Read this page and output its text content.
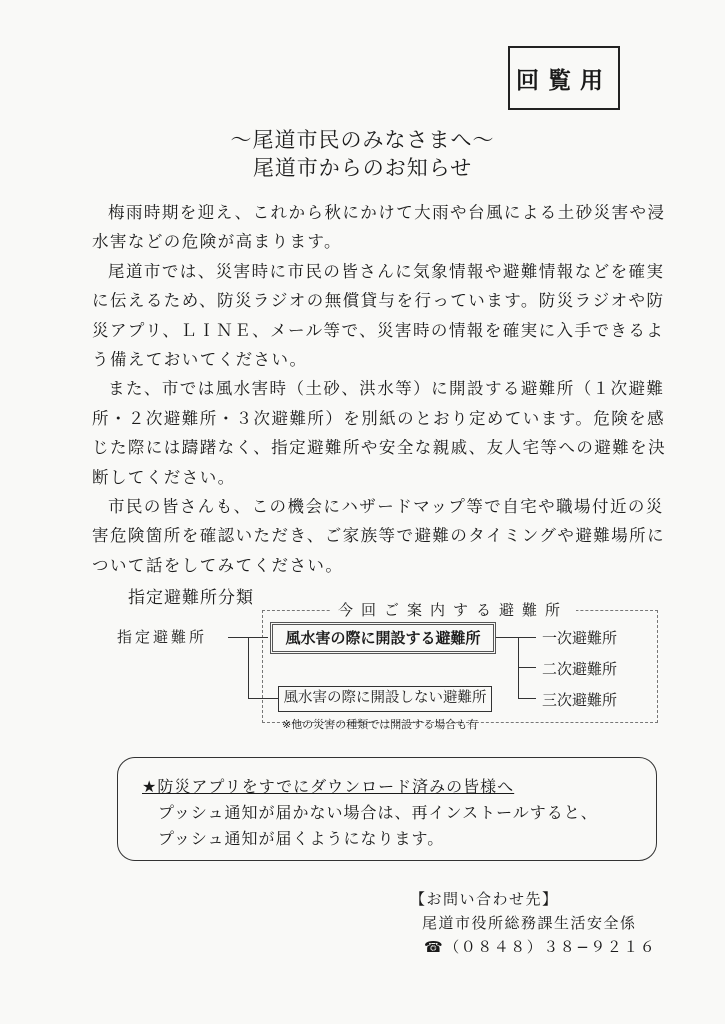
回覧用
〜尾道市民のみなさまへ〜
尾道市からのお知らせ

梅雨時期を迎え、これから秋にかけて大雨や台風による土砂災害や浸
水害などの危険が高まります。

尾道市では、災害時に市民の皆さんに気象情報や避難情報などを確実
に伝えるため、防災ラジオの無償貸与を行っています。防災ラジオや防
災アプリ、ＬＩＮＥ、メール等で、災害時の情報を確実に入手できるよ
う備えておいてください。

また、市では風水害時（土砂、洪水等）に開設する避難所（１次避難
所・２次避難所・３次避難所）を別紙のとおり定めています。危険を感
じた際には躊躇なく、指定避難所や安全な親戚、友人宅等への避難を決
断してください。

市民の皆さんも、この機会にハザードマップ等で自宅や職場付近の災
害危険箇所を確認いただき、ご家族等で避難のタイミングや避難場所に
ついて話をしてみてください。

指定避難所分類
今回ご案内する避難所
指定避難所	風水害の際に開設する避難所	一次避難所
二次避難所
三次避難所
風水害の際に開設しない避難所
※他の災害の種類では開設する場合も有
★防災アプリをすでにダウンロード済みの皆様へ
プッシュ通知が届かない場合は、再インストールすると、
プッシュ通知が届くようになります。
【お問い合わせ先】
尾道市役所総務課生活安全係
☎（０８４８）３８−９２１６
